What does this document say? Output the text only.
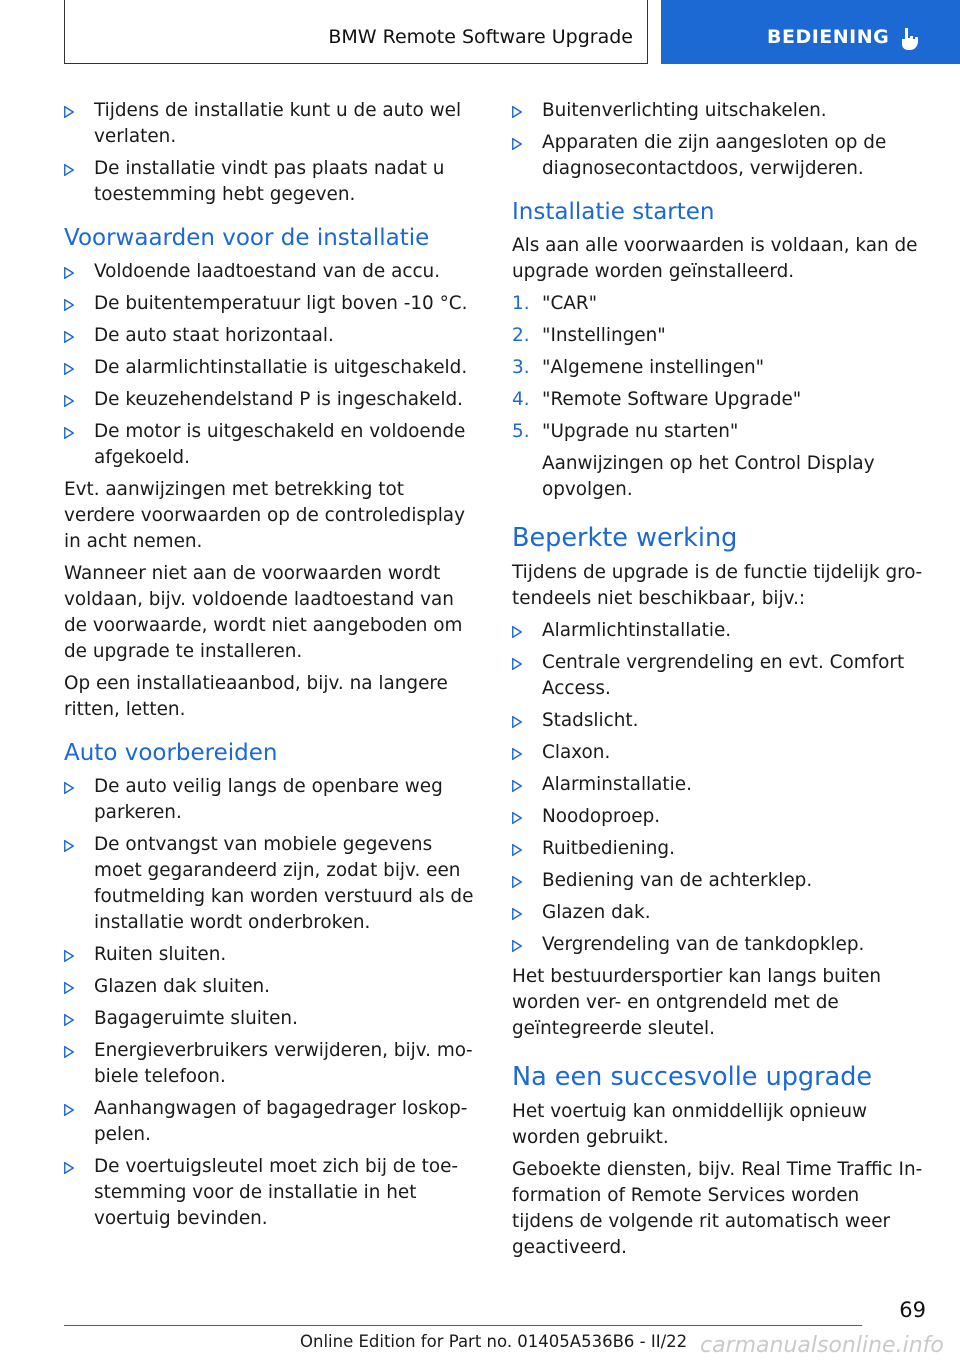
BMW Remote Software Upgrade	BEDIENING
Tijdens de installatie kunt u de auto wel verlaten.
De installatie vindt pas plaats nadat u toestemming hebt gegeven.
Voorwaarden voor de installatie
Voldoende laadtoestand van de accu.
De buitentemperatuur ligt boven -10 °C.
De auto staat horizontaal.
De alarmlichtinstallatie is uitgeschakeld.
De keuzehendelstand P is ingeschakeld.
De motor is uitgeschakeld en voldoende afgekoeld.

Evt. aanwijzingen met betrekking tot verdere voorwaarden op de controledisplay in acht nemen.

Wanneer niet aan de voorwaarden wordt voldaan, bijv. voldoende laadtoestand van de voorwaarde, wordt niet aangeboden om de upgrade te installeren.

Op een installatieaanbod, bijv. na langere ritten, letten.

Auto voorbereiden
De auto veilig langs de openbare weg parkeren.
De ontvangst van mobiele gegevens moet gegarandeerd zijn, zodat bijv. een foutmelding kan worden verstuurd als de installatie wordt onderbroken.
Ruiten sluiten.
Glazen dak sluiten.
Bagageruimte sluiten.
Energieverbruikers verwijderen, bijv. mobiele telefoon.
Aanhangwagen of bagagedrager loskoppelen.
De voertuigsleutel moet zich bij de toestemming voor de installatie in het voertuig bevinden.
Buitenverlichting uitschakelen.
Apparaten die zijn aangesloten op de diagnosecontactdoos, verwijderen.
Installatie starten

Als aan alle voorwaarden is voldaan, kan de upgrade worden geïnstalleerd.

1. "CAR"
2. "Instellingen"
3. "Algemene instellingen"
4. "Remote Software Upgrade"
5. "Upgrade nu starten"
Aanwijzingen op het Control Display opvolgen.
Beperkte werking

Tijdens de upgrade is de functie tijdelijk grotendeels niet beschikbaar, bijv.:

Alarmlichtinstallatie.
Centrale vergrendeling en evt. Comfort Access.
Stadslicht.
Claxon.
Alarminstallatie.
Noodoproep.
Ruitbediening.
Bediening van de achterklep.
Glazen dak.
Vergrendeling van de tankdopklep.

Het bestuurdersportier kan langs buiten worden ver- en ontgrendeld met de geïntegreerde sleutel.

Na een succesvolle upgrade

Het voertuig kan onmiddellijk opnieuw worden gebruikt.

Geboekte diensten, bijv. Real Time Traffic Information of Remote Services worden tijdens de volgende rit automatisch weer geactiveerd.

69
Online Edition for Part no. 01405A536B6 - II/22 carmanualsonline.info
